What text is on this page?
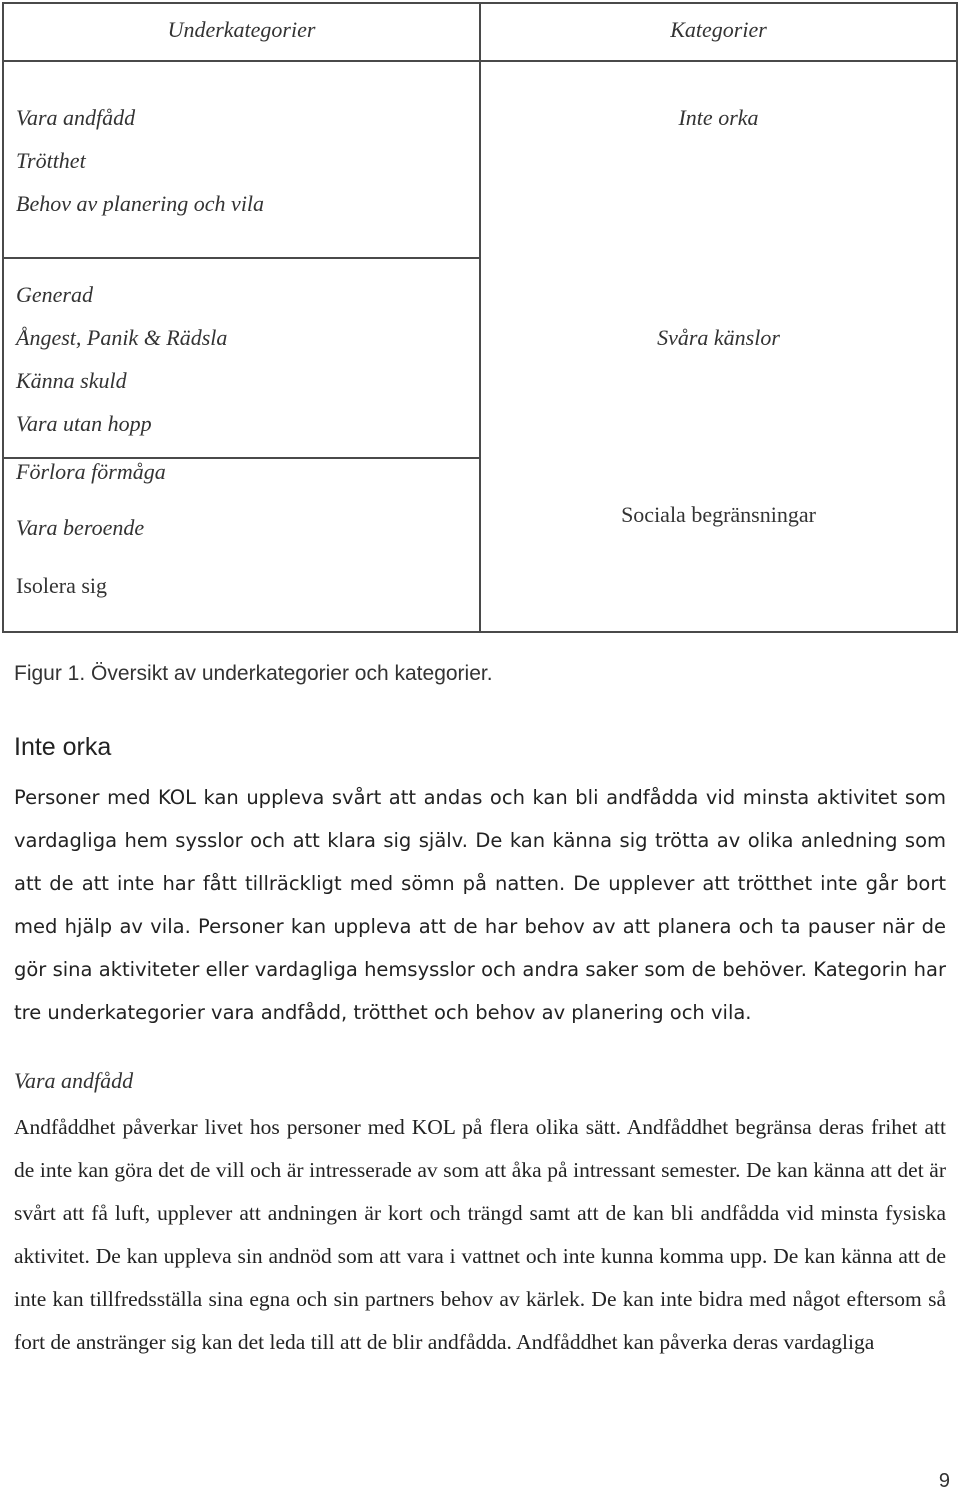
Underkategorier	Kategorier
Vara andfådd
Trötthet
Behov av planering och vila
Generad
Ångest, Panik & Rädsla
Känna skuld
Vara utan hopp
Förlora förmåga
Vara beroende
Isolera sig
Inte orka
Svåra känslor
Sociala begränsningar
Figur 1. Översikt av underkategorier och kategorier.
Inte orka
Personer med KOL kan uppleva svårt att andas och kan bli andfådda vid minsta aktivitet som vardagliga hem sysslor och att klara sig själv. De kan känna sig trötta av olika anledning som att de att inte har fått tillräckligt med sömn på natten. De upplever att trötthet inte går bort med hjälp av vila. Personer kan uppleva att de har behov av att planera och ta pauser när de gör sina aktiviteter eller vardagliga hemsysslor och andra saker som de behöver. Kategorin har tre underkategorier vara andfådd, trötthet och behov av planering och vila.
Vara andfådd
Andfåddhet påverkar livet hos personer med KOL på flera olika sätt. Andfåddhet begränsa deras frihet att de inte kan göra det de vill och är intresserade av som att åka på intressant semester. De kan känna att det är svårt att få luft, upplever att andningen är kort och trängd samt att de kan bli andfådda vid minsta fysiska aktivitet. De kan uppleva sin andnöd som att vara i vattnet och inte kunna komma upp. De kan känna att de inte kan tillfredsställa sina egna och sin partners behov av kärlek. De kan inte bidra med något eftersom så fort de anstränger sig kan det leda till att de blir andfådda. Andfåddhet kan påverka deras vardagliga
9
